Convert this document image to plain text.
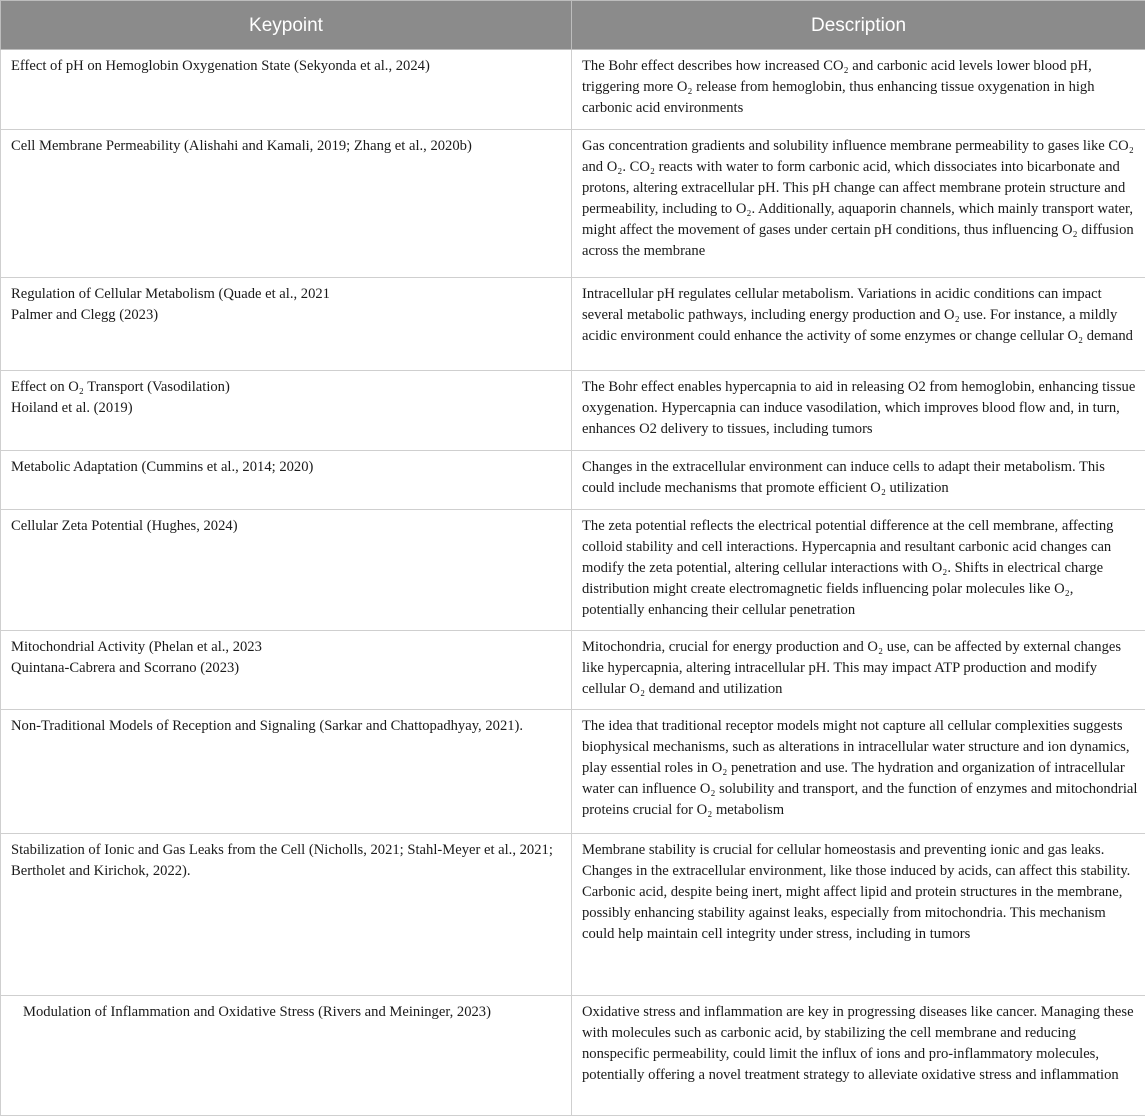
Keypoint	Description

Effect of pH on Hemoglobin Oxygenation State (Sekyonda et al., 2024)	The Bohr effect describes how increased CO₂ and carbonic acid levels lower blood pH, triggering more O₂ release from hemoglobin, thus enhancing tissue oxygenation in high carbonic acid environments

Cell Membrane Permeability (Alishahi and Kamali, 2019; Zhang et al., 2020b)	Gas concentration gradients and solubility influence membrane permeability to gases like CO₂ and O₂. CO₂ reacts with water to form carbonic acid, which dissociates into bicarbonate and protons, altering extracellular pH. This pH change can affect membrane protein structure and permeability, including to O₂. Additionally, aquaporin channels, which mainly transport water, might affect the movement of gases under certain pH conditions, thus influencing O₂ diffusion across the membrane

Regulation of Cellular Metabolism (Quade et al., 2021
Palmer and Clegg (2023)	Intracellular pH regulates cellular metabolism. Variations in acidic conditions can impact several metabolic pathways, including energy production and O₂ use. For instance, a mildly acidic environment could enhance the activity of some enzymes or change cellular O₂ demand

Effect on O₂ Transport (Vasodilation)
Hoiland et al. (2019)	The Bohr effect enables hypercapnia to aid in releasing O2 from hemoglobin, enhancing tissue oxygenation. Hypercapnia can induce vasodilation, which improves blood flow and, in turn, enhances O2 delivery to tissues, including tumors

Metabolic Adaptation (Cummins et al., 2014; 2020)	Changes in the extracellular environment can induce cells to adapt their metabolism. This could include mechanisms that promote efficient O₂ utilization

Cellular Zeta Potential (Hughes, 2024)	The zeta potential reflects the electrical potential difference at the cell membrane, affecting colloid stability and cell interactions. Hypercapnia and resultant carbonic acid changes can modify the zeta potential, altering cellular interactions with O₂. Shifts in electrical charge distribution might create electromagnetic fields influencing polar molecules like O₂, potentially enhancing their cellular penetration

Mitochondrial Activity (Phelan et al., 2023
Quintana-Cabrera and Scorrano (2023)	Mitochondria, crucial for energy production and O₂ use, can be affected by external changes like hypercapnia, altering intracellular pH. This may impact ATP production and modify cellular O₂ demand and utilization

Non-Traditional Models of Reception and Signaling (Sarkar and Chattopadhyay, 2021).	The idea that traditional receptor models might not capture all cellular complexities suggests biophysical mechanisms, such as alterations in intracellular water structure and ion dynamics, play essential roles in O₂ penetration and use. The hydration and organization of intracellular water can influence O₂ solubility and transport, and the function of enzymes and mitochondrial proteins crucial for O₂ metabolism

Stabilization of Ionic and Gas Leaks from the Cell (Nicholls, 2021; Stahl-Meyer et al., 2021; Bertholet and Kirichok, 2022).	Membrane stability is crucial for cellular homeostasis and preventing ionic and gas leaks. Changes in the extracellular environment, like those induced by acids, can affect this stability. Carbonic acid, despite being inert, might affect lipid and protein structures in the membrane, possibly enhancing stability against leaks, especially from mitochondria. This mechanism could help maintain cell integrity under stress, including in tumors

Modulation of Inflammation and Oxidative Stress (Rivers and Meininger, 2023)	Oxidative stress and inflammation are key in progressing diseases like cancer. Managing these with molecules such as carbonic acid, by stabilizing the cell membrane and reducing nonspecific permeability, could limit the influx of ions and pro-inflammatory molecules, potentially offering a novel treatment strategy to alleviate oxidative stress and inflammation
